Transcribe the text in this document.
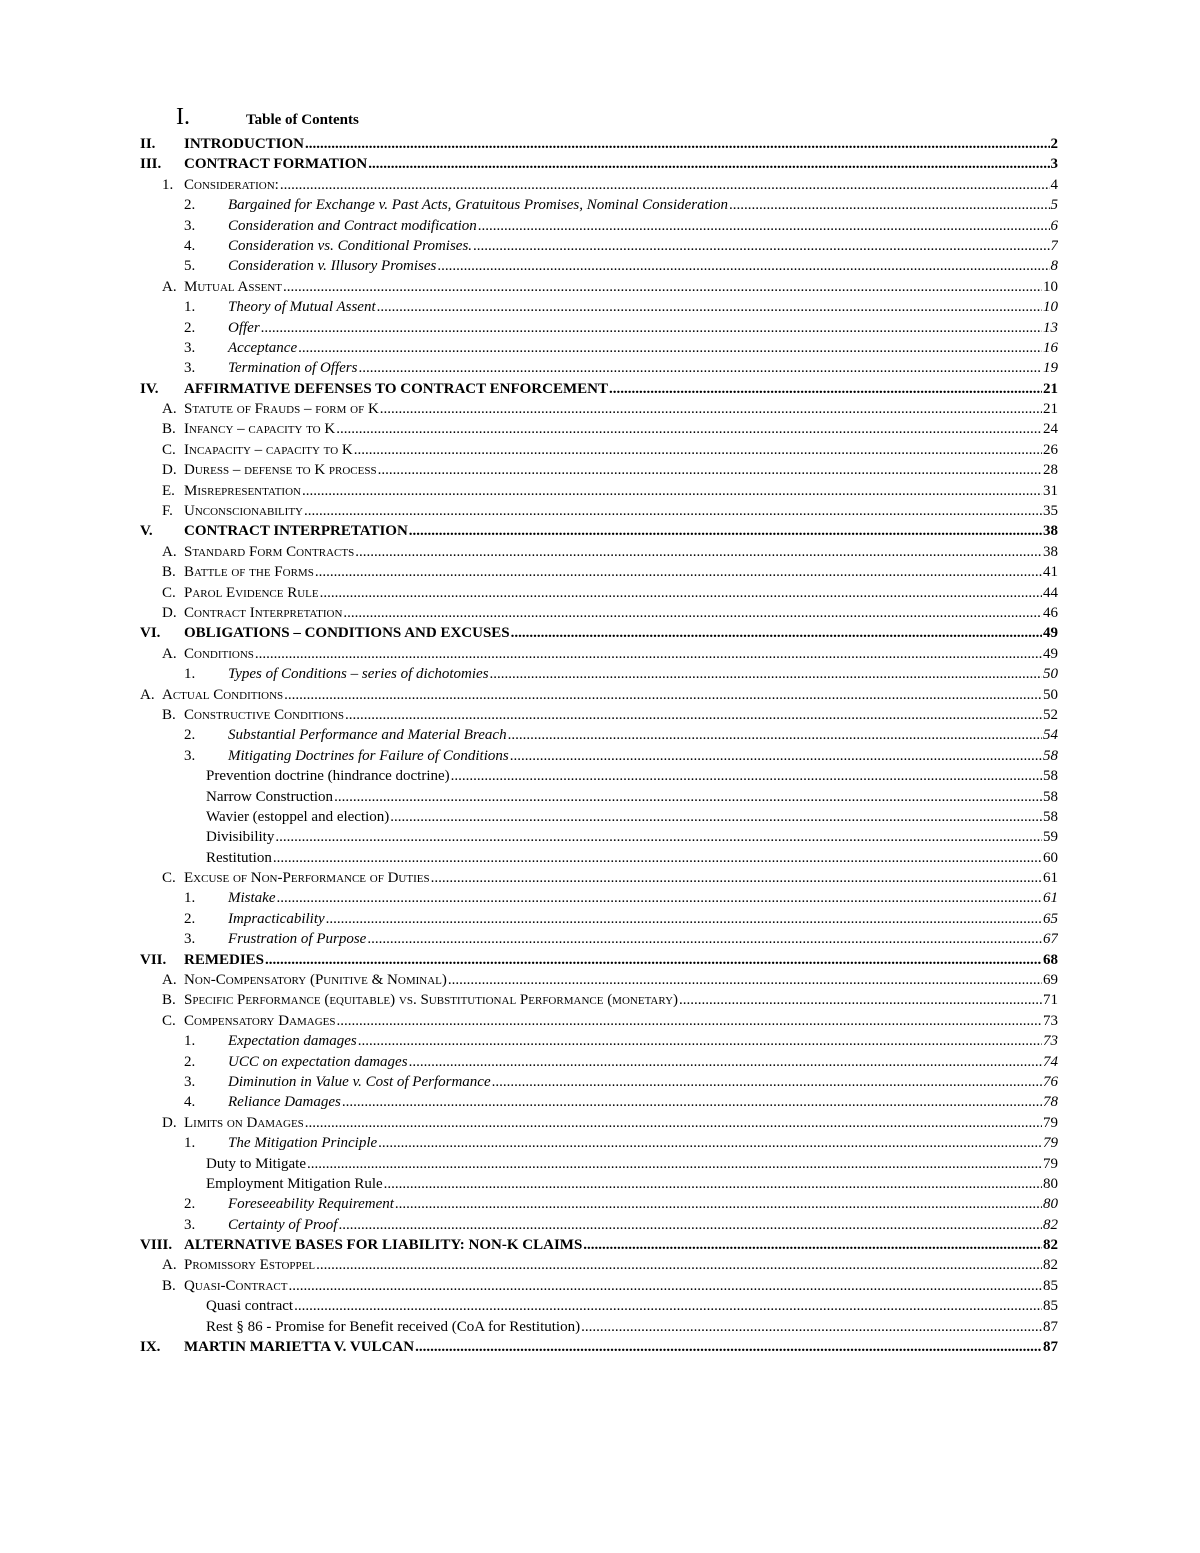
I.	Table of Contents
II.	INTRODUCTION .....	2
III.	CONTRACT FORMATION .....	3
1. Consideration: .....	4
2.	Bargained for Exchange v. Past Acts, Gratuitous Promises, Nominal Consideration .....	5
3.	Consideration and Contract modification .....	6
4.	Consideration vs. Conditional Promises. .....	7
5.	Consideration v. Illusory Promises .....	8
A. Mutual Assent .....	10
1.	Theory of Mutual Assent .....	10
2.	Offer .....	13
3.	Acceptance .....	16
3.	Termination of Offers .....	19
IV.	AFFIRMATIVE DEFENSES TO CONTRACT ENFORCEMENT .....	21
A. Statute of Frauds – form of K .....	21
B. Infancy – capacity to K .....	24
C. Incapacity – capacity to K .....	26
D. Duress – defense to K process .....	28
E. Misrepresentation .....	31
F. Unconscionability .....	35
V.	CONTRACT INTERPRETATION .....	38
A. Standard Form Contracts .....	38
B. Battle of the Forms .....	41
C. Parol Evidence Rule .....	44
D. Contract Interpretation .....	46
VI.	OBLIGATIONS – CONDITIONS AND EXCUSES .....	49
A. Conditions .....	49
1.	Types of Conditions – series of dichotomies .....	50
A. Actual Conditions .....	50
B. Constructive Conditions .....	52
2.	Substantial Performance and Material Breach .....	54
3.	Mitigating Doctrines for Failure of Conditions .....	58
Prevention doctrine (hindrance doctrine) .....	58
Narrow Construction .....	58
Wavier (estoppel and election) .....	58
Divisibility .....	59
Restitution .....	60
C. Excuse of Non-Performance of Duties .....	61
1.	Mistake .....	61
2.	Impracticability .....	65
3.	Frustration of Purpose .....	67
VII.	REMEDIES .....	68
A. Non-Compensatory (Punitive & Nominal) .....	69
B. Specific Performance (equitable) vs. Substitutional Performance (monetary) .....	71
C. Compensatory Damages .....	73
1.	Expectation damages .....	73
2.	UCC on expectation damages .....	74
3.	Diminution in Value v. Cost of Performance .....	76
4.	Reliance Damages .....	78
D. Limits on Damages .....	79
1.	The Mitigation Principle .....	79
Duty to Mitigate .....	79
Employment Mitigation Rule .....	80
2.	Foreseeability Requirement .....	80
3.	Certainty of Proof .....	82
VIII. ALTERNATIVE BASES FOR LIABILITY: NON-K CLAIMS .....	82
A. Promissory Estoppel .....	82
B. Quasi-Contract .....	85
Quasi contract .....	85
Rest § 86 - Promise for Benefit received (CoA for Restitution) .....	87
IX.	MARTIN MARIETTA V. VULCAN .....	87
